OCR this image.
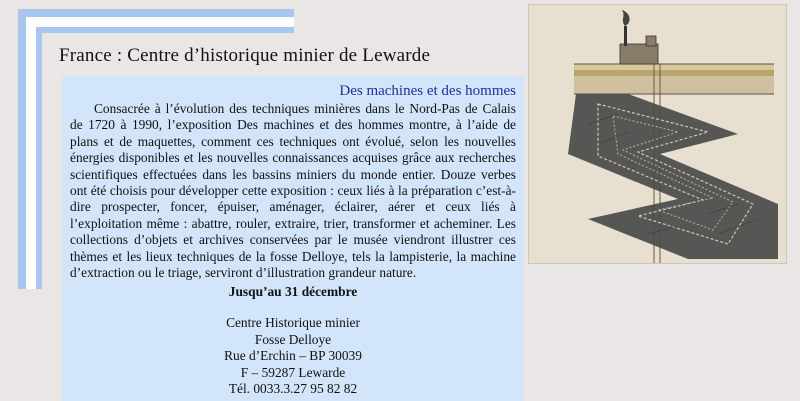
France : Centre d’historique minier de Lewarde

Des machines et des hommes

Consacrée à l’évolution des techniques minières dans le Nord-Pas de Calais de 1720 à 1990, l’exposition Des machines et des hommes montre, à l’aide de plans et de maquettes, comment ces techniques ont évolué, selon les nouvelles énergies disponibles et les nouvelles connaissances acquises grâce aux recherches scientifiques effectuées dans les bassins miniers du monde entier. Douze verbes ont été choisis pour développer cette exposition : ceux liés à la préparation c’est-à-dire prospecter, foncer, épuiser, aménager, éclairer, aérer et ceux liés à l’exploitation même : abattre, rouler, extraire, trier, transformer et acheminer. Les collections d’objets et archives conservées par le musée viendront illustrer ces thèmes et les lieux techniques de la fosse Delloye, tels la lampisterie, la machine d’extraction ou le triage, serviront d’illustration grandeur nature.

Jusqu’au 31 décembre

Centre Historique minier
Fosse Delloye
Rue d’Erchin – BP 30039
F – 59287 Lewarde
Tél. 0033.3.27 95 82 82
